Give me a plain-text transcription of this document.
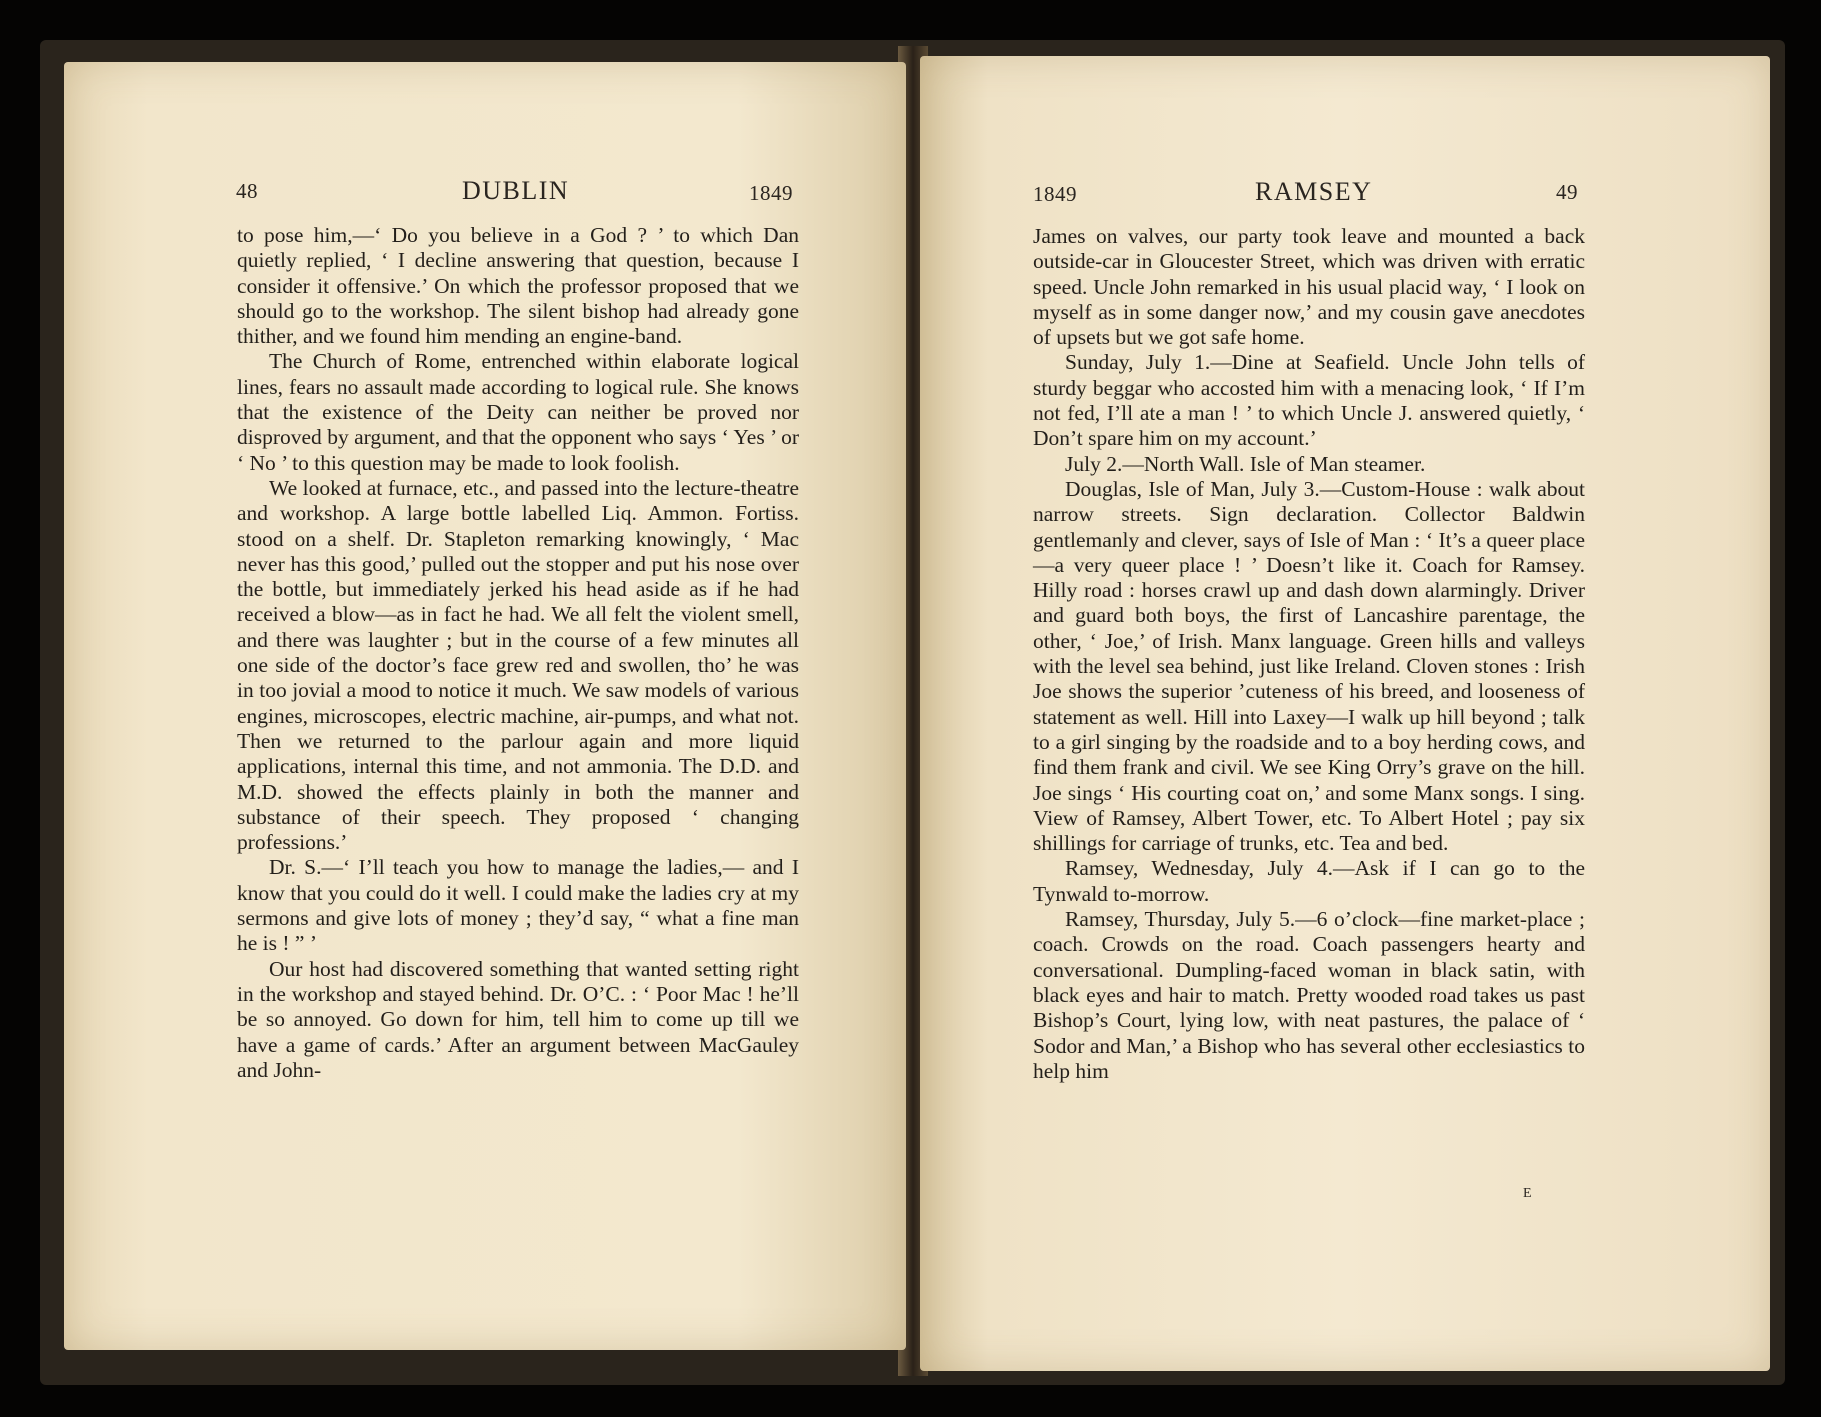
48	DUBLIN	1849

to pose him,—‘ Do you believe in a God ? ’ to which Dan quietly replied, ‘ I decline answering that question, because I consider it offensive.’ On which the professor proposed that we should go to the workshop. The silent bishop had already gone thither, and we found him mending an engine-band.

The Church of Rome, entrenched within elaborate logical lines, fears no assault made according to logical rule. She knows that the existence of the Deity can neither be proved nor disproved by argument, and that the opponent who says ‘ Yes ’ or ‘ No ’ to this question may be made to look foolish.

We looked at furnace, etc., and passed into the lecture-theatre and workshop. A large bottle labelled Liq. Ammon. Fortiss. stood on a shelf. Dr. Stapleton remarking knowingly, ‘ Mac never has this good,’ pulled out the stopper and put his nose over the bottle, but immediately jerked his head aside as if he had received a blow—as in fact he had. We all felt the violent smell, and there was laughter ; but in the course of a few minutes all one side of the doctor’s face grew red and swollen, tho’ he was in too jovial a mood to notice it much. We saw models of various engines, microscopes, electric machine, air-pumps, and what not. Then we returned to the parlour again and more liquid applications, internal this time, and not ammonia. The D.D. and M.D. showed the effects plainly in both the manner and substance of their speech. They proposed ‘ changing professions.’

Dr. S.—‘ I’ll teach you how to manage the ladies,— and I know that you could do it well. I could make the ladies cry at my sermons and give lots of money ; they’d say, “ what a fine man he is ! ” ’

Our host had discovered something that wanted setting right in the workshop and stayed behind. Dr. O’C. : ‘ Poor Mac ! he’ll be so annoyed. Go down for him, tell him to come up till we have a game of cards.’ After an argument between MacGauley and John-

1849	RAMSEY	49

James on valves, our party took leave and mounted a back outside-car in Gloucester Street, which was driven with erratic speed. Uncle John remarked in his usual placid way, ‘ I look on myself as in some danger now,’ and my cousin gave anecdotes of upsets but we got safe home.

Sunday, July 1.—Dine at Seafield. Uncle John tells of sturdy beggar who accosted him with a menacing look, ‘ If I’m not fed, I’ll ate a man ! ’ to which Uncle J. answered quietly, ‘ Don’t spare him on my account.’

July 2.—North Wall. Isle of Man steamer.

Douglas, Isle of Man, July 3.—Custom-House : walk about narrow streets. Sign declaration. Collector Baldwin gentlemanly and clever, says of Isle of Man : ‘ It’s a queer place—a very queer place ! ’ Doesn’t like it. Coach for Ramsey. Hilly road : horses crawl up and dash down alarmingly. Driver and guard both boys, the first of Lancashire parentage, the other, ‘ Joe,’ of Irish. Manx language. Green hills and valleys with the level sea behind, just like Ireland. Cloven stones : Irish Joe shows the superior ’cuteness of his breed, and looseness of statement as well. Hill into Laxey—I walk up hill beyond ; talk to a girl singing by the roadside and to a boy herding cows, and find them frank and civil. We see King Orry’s grave on the hill. Joe sings ‘ His courting coat on,’ and some Manx songs. I sing. View of Ramsey, Albert Tower, etc. To Albert Hotel ; pay six shillings for carriage of trunks, etc. Tea and bed.

Ramsey, Wednesday, July 4.—Ask if I can go to the Tynwald to-morrow.

Ramsey, Thursday, July 5.—6 o’clock—fine market-place ; coach. Crowds on the road. Coach passengers hearty and conversational. Dumpling-faced woman in black satin, with black eyes and hair to match. Pretty wooded road takes us past Bishop’s Court, lying low, with neat pastures, the palace of ‘ Sodor and Man,’ a Bishop who has several other ecclesiastics to help him

E
